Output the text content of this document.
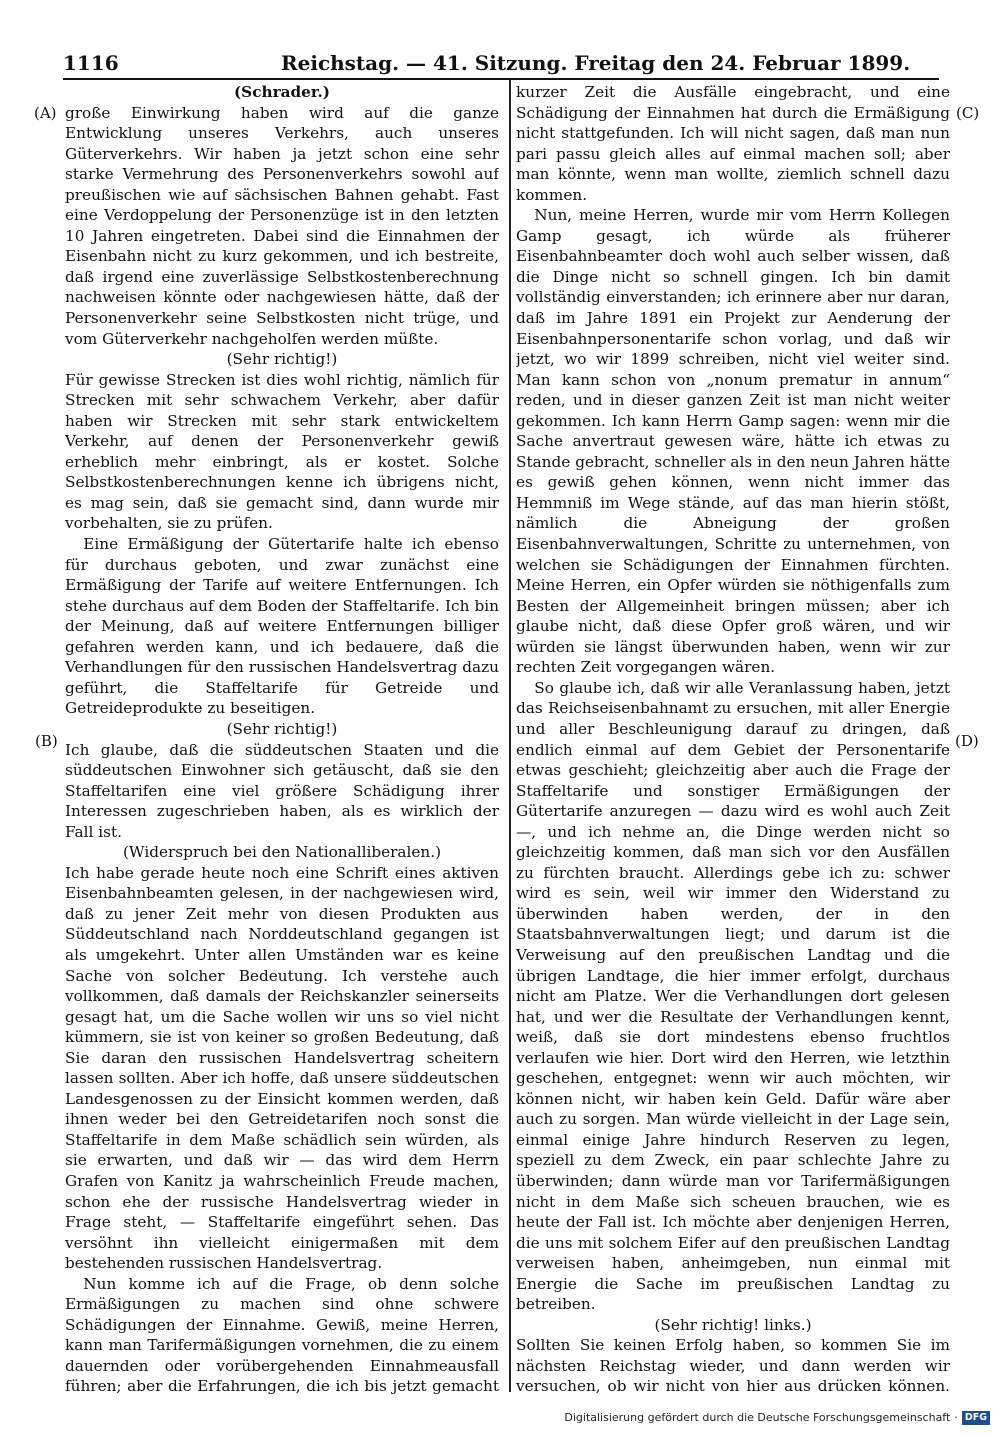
1116	Reichstag. — 41. Sitzung. Freitag den 24. Februar 1899.
(A)
(B)
(C)
(D)

(Schrader.)

große Einwirkung haben wird auf die ganze Entwicklung unseres Verkehrs, auch unseres Güterverkehrs. Wir haben ja jetzt schon eine sehr starke Vermehrung des Personenverkehrs sowohl auf preußischen wie auf sächsischen Bahnen gehabt. Fast eine Verdoppelung der Personenzüge ist in den letzten 10 Jahren eingetreten. Dabei sind die Einnahmen der Eisenbahn nicht zu kurz gekommen, und ich bestreite, daß irgend eine zuverlässige Selbstkostenberechnung nachweisen könnte oder nachgewiesen hätte, daß der Personenverkehr seine Selbstkosten nicht trüge, und vom Güterverkehr nachgeholfen werden müßte.

(Sehr richtig!)

Für gewisse Strecken ist dies wohl richtig, nämlich für Strecken mit sehr schwachem Verkehr, aber dafür haben wir Strecken mit sehr stark entwickeltem Verkehr, auf denen der Personenverkehr gewiß erheblich mehr einbringt, als er kostet. Solche Selbstkostenberechnungen kenne ich übrigens nicht, es mag sein, daß sie gemacht sind, dann wurde mir vorbehalten, sie zu prüfen.

Eine Ermäßigung der Gütertarife halte ich ebenso für durchaus geboten, und zwar zunächst eine Ermäßigung der Tarife auf weitere Entfernungen. Ich stehe durchaus auf dem Boden der Staffeltarife. Ich bin der Meinung, daß auf weitere Entfernungen billiger gefahren werden kann, und ich bedauere, daß die Verhandlungen für den russischen Handelsvertrag dazu geführt, die Staffeltarife für Getreide und Getreideprodukte zu beseitigen.

(Sehr richtig!)

Ich glaube, daß die süddeutschen Staaten und die süddeutschen Einwohner sich getäuscht, daß sie den Staffeltarifen eine viel größere Schädigung ihrer Interessen zugeschrieben haben, als es wirklich der Fall ist.

(Widerspruch bei den Nationalliberalen.)

Ich habe gerade heute noch eine Schrift eines aktiven Eisenbahnbeamten gelesen, in der nachgewiesen wird, daß zu jener Zeit mehr von diesen Produkten aus Süddeutschland nach Norddeutschland gegangen ist als umgekehrt. Unter allen Umständen war es keine Sache von solcher Bedeutung. Ich verstehe auch vollkommen, daß damals der Reichskanzler seinerseits gesagt hat, um die Sache wollen wir uns so viel nicht kümmern, sie ist von keiner so großen Bedeutung, daß Sie daran den russischen Handelsvertrag scheitern lassen sollten. Aber ich hoffe, daß unsere süddeutschen Landesgenossen zu der Einsicht kommen werden, daß ihnen weder bei den Getreidetarifen noch sonst die Staffeltarife in dem Maße schädlich sein würden, als sie erwarten, und daß wir — das wird dem Herrn Grafen von Kanitz ja wahrscheinlich Freude machen, schon ehe der russische Handelsvertrag wieder in Frage steht, — Staffeltarife eingeführt sehen. Das versöhnt ihn vielleicht einigermaßen mit dem bestehenden russischen Handelsvertrag.

Nun komme ich auf die Frage, ob denn solche Ermäßigungen zu machen sind ohne schwere Schädigungen der Einnahme. Gewiß, meine Herren, kann man Tarifermäßigungen vornehmen, die zu einem dauernden oder vorübergehenden Einnahmeausfall führen; aber die Erfahrungen, die ich bis jetzt gemacht

kurzer Zeit die Ausfälle eingebracht, und eine Schädigung der Einnahmen hat durch die Ermäßigung nicht stattgefunden. Ich will nicht sagen, daß man nun pari passu gleich alles auf einmal machen soll; aber man könnte, wenn man wollte, ziemlich schnell dazu kommen.

Nun, meine Herren, wurde mir vom Herrn Kollegen Gamp gesagt, ich würde als früherer Eisenbahnbeamter doch wohl auch selber wissen, daß die Dinge nicht so schnell gingen. Ich bin damit vollständig einverstanden; ich erinnere aber nur daran, daß im Jahre 1891 ein Projekt zur Aenderung der Eisenbahnpersonentarife schon vorlag, und daß wir jetzt, wo wir 1899 schreiben, nicht viel weiter sind. Man kann schon von „nonum prematur in annum“ reden, und in dieser ganzen Zeit ist man nicht weiter gekommen. Ich kann Herrn Gamp sagen: wenn mir die Sache anvertraut gewesen wäre, hätte ich etwas zu Stande gebracht, schneller als in den neun Jahren hätte es gewiß gehen können, wenn nicht immer das Hemmniß im Wege stände, auf das man hierin stößt, nämlich die Abneigung der großen Eisenbahnverwaltungen, Schritte zu unternehmen, von welchen sie Schädigungen der Einnahmen fürchten. Meine Herren, ein Opfer würden sie nöthigenfalls zum Besten der Allgemeinheit bringen müssen; aber ich glaube nicht, daß diese Opfer groß wären, und wir würden sie längst überwunden haben, wenn wir zur rechten Zeit vorgegangen wären.

So glaube ich, daß wir alle Veranlassung haben, jetzt das Reichseisenbahnamt zu ersuchen, mit aller Energie und aller Beschleunigung darauf zu dringen, daß endlich einmal auf dem Gebiet der Personentarife etwas geschieht; gleichzeitig aber auch die Frage der Staffeltarife und sonstiger Ermäßigungen der Gütertarife anzuregen — dazu wird es wohl auch Zeit —, und ich nehme an, die Dinge werden nicht so gleichzeitig kommen, daß man sich vor den Ausfällen zu fürchten braucht. Allerdings gebe ich zu: schwer wird es sein, weil wir immer den Widerstand zu überwinden haben werden, der in den Staatsbahnverwaltungen liegt; und darum ist die Verweisung auf den preußischen Landtag und die übrigen Landtage, die hier immer erfolgt, durchaus nicht am Platze. Wer die Verhandlungen dort gelesen hat, und wer die Resultate der Verhandlungen kennt, weiß, daß sie dort mindestens ebenso fruchtlos verlaufen wie hier. Dort wird den Herren, wie letzthin geschehen, entgegnet: wenn wir auch möchten, wir können nicht, wir haben kein Geld. Dafür wäre aber auch zu sorgen. Man würde vielleicht in der Lage sein, einmal einige Jahre hindurch Reserven zu legen, speziell zu dem Zweck, ein paar schlechte Jahre zu überwinden; dann würde man vor Tarifermäßigungen nicht in dem Maße sich scheuen brauchen, wie es heute der Fall ist. Ich möchte aber denjenigen Herren, die uns mit solchem Eifer auf den preußischen Landtag verweisen haben, anheimgeben, nun einmal mit Energie die Sache im preußischen Landtag zu betreiben.

(Sehr richtig! links.)

Sollten Sie keinen Erfolg haben, so kommen Sie im nächsten Reichstag wieder, und dann werden wir versuchen, ob wir nicht von hier aus drücken können.

Digitalisierung gefördert durch die Deutsche Forschungsgemeinschaft · DFG
